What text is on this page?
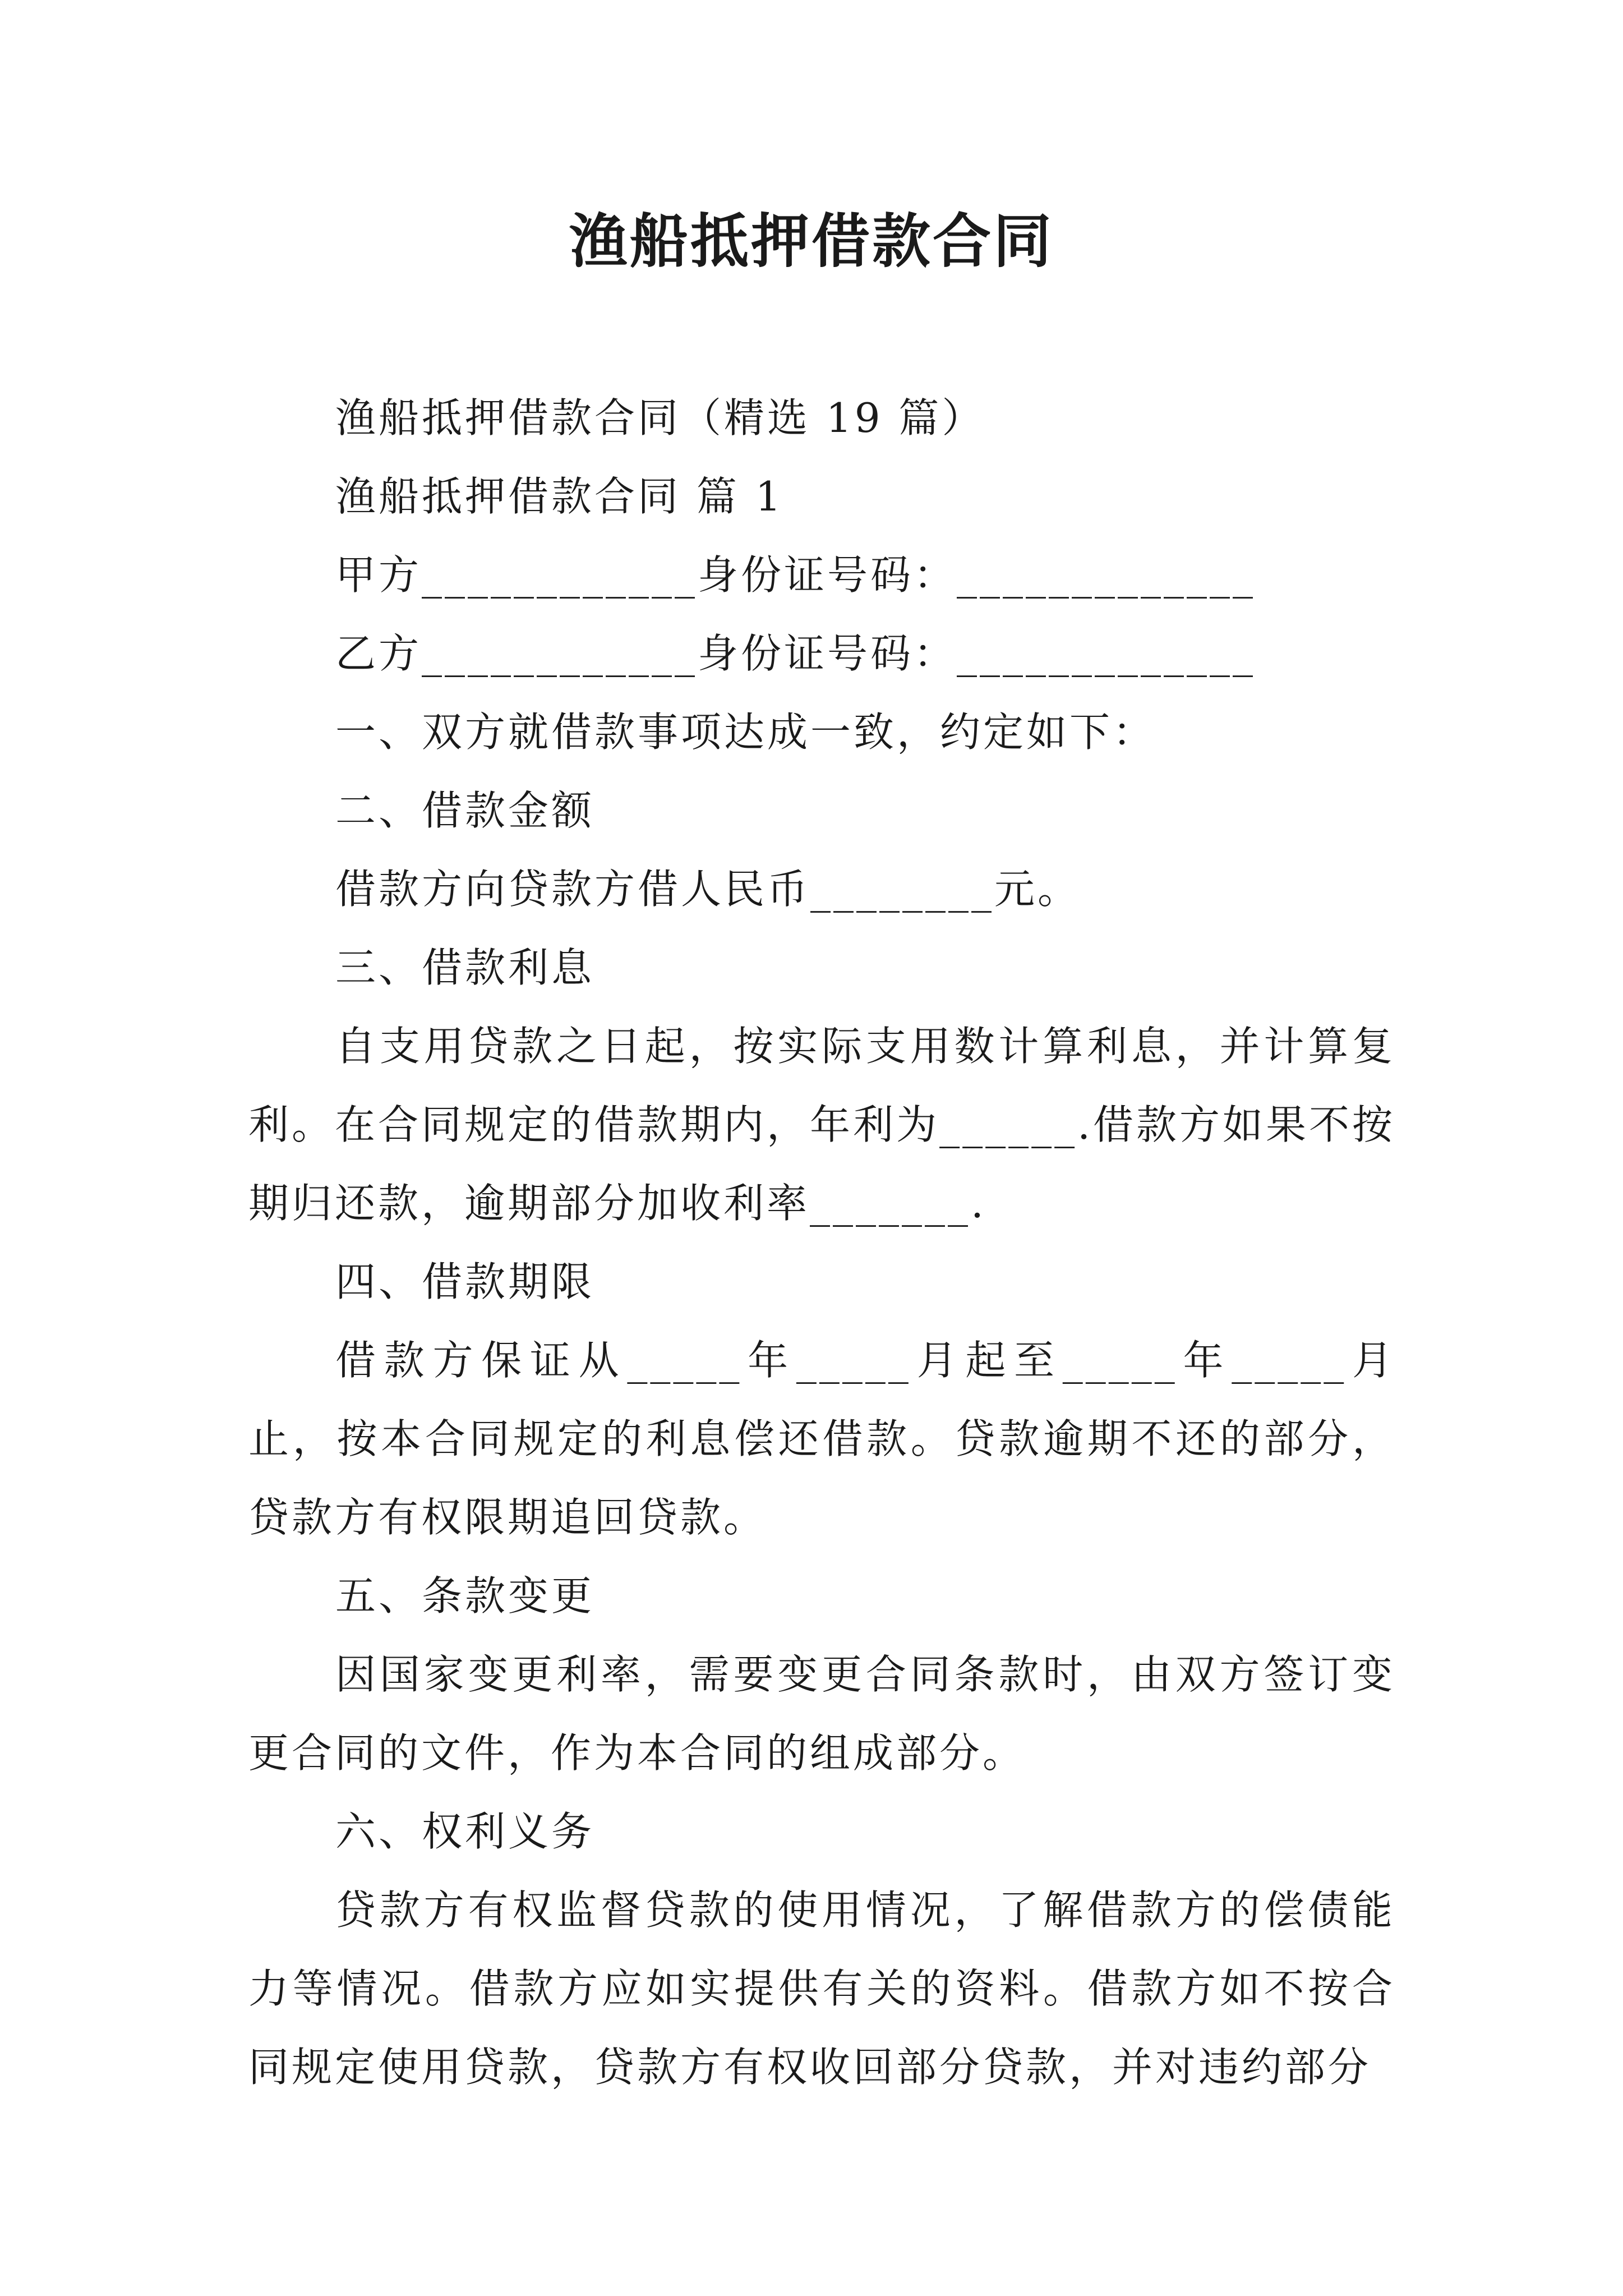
渔船抵押借款合同

渔船抵押借款合同（精选 19 篇）

渔船抵押借款合同 篇 1

甲方____________身份证号码：_____________

乙方____________身份证号码：_____________

一、双方就借款事项达成一致，约定如下：

二、借款金额

借款方向贷款方借人民币________元。

三、借款利息

自支用贷款之日起，按实际支用数计算利息，并计算复利。在合同规定的借款期内，年利为______.借款方如果不按期归还款，逾期部分加收利率_______.

四、借款期限

借款方保证从_____年_____月起至_____年_____月止，按本合同规定的利息偿还借款。贷款逾期不还的部分，贷款方有权限期追回贷款。

五、条款变更

因国家变更利率，需要变更合同条款时，由双方签订变更合同的文件，作为本合同的组成部分。

六、权利义务

贷款方有权监督贷款的使用情况，了解借款方的偿债能力等情况。借款方应如实提供有关的资料。借款方如不按合同规定使用贷款，贷款方有权收回部分贷款，并对违约部分
